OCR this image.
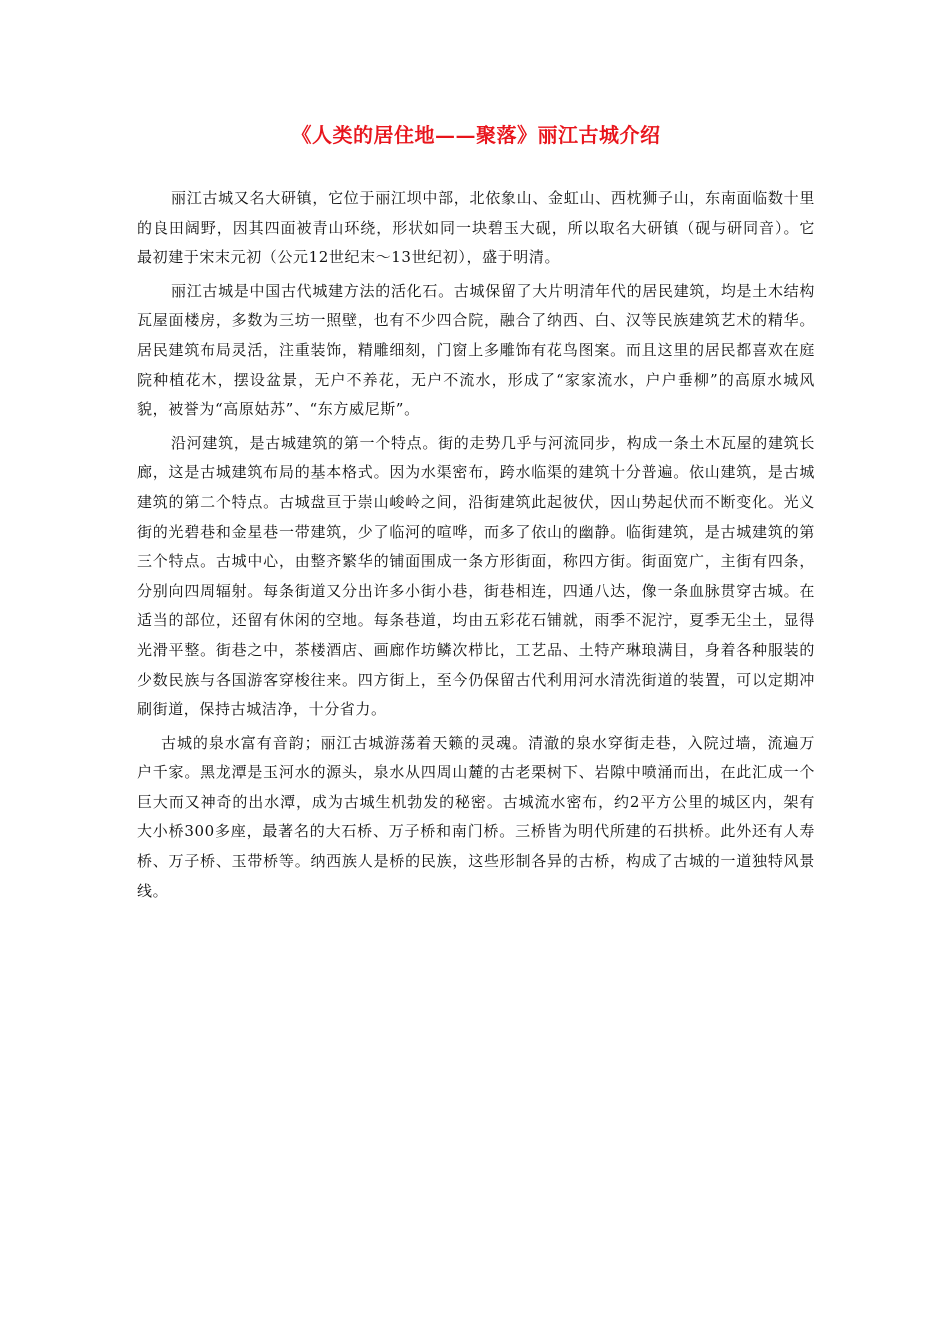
《人类的居住地——聚落》丽江古城介绍

丽江古城又名大研镇，它位于丽江坝中部，北依象山、金虹山、西枕狮子山，东南面临数十里的良田阔野，因其四面被青山环绕，形状如同一块碧玉大砚，所以取名大研镇（砚与研同音）。它最初建于宋末元初（公元12世纪末～13世纪初），盛于明清。

丽江古城是中国古代城建方法的活化石。古城保留了大片明清年代的居民建筑，均是土木结构瓦屋面楼房，多数为三坊一照壁，也有不少四合院，融合了纳西、白、汉等民族建筑艺术的精华。居民建筑布局灵活，注重装饰，精雕细刻，门窗上多雕饰有花鸟图案。而且这里的居民都喜欢在庭院种植花木，摆设盆景，无户不养花，无户不流水，形成了“家家流水，户户垂柳”的高原水城风貌，被誉为“高原姑苏”、“东方威尼斯”。

沿河建筑，是古城建筑的第一个特点。街的走势几乎与河流同步，构成一条土木瓦屋的建筑长廊，这是古城建筑布局的基本格式。因为水渠密布，跨水临渠的建筑十分普遍。依山建筑，是古城建筑的第二个特点。古城盘亘于崇山峻岭之间，沿街建筑此起彼伏，因山势起伏而不断变化。光义街的光碧巷和金星巷一带建筑，少了临河的喧哗，而多了依山的幽静。临街建筑，是古城建筑的第三个特点。古城中心，由整齐繁华的铺面围成一条方形街面，称四方街。街面宽广，主街有四条，分别向四周辐射。每条街道又分出许多小街小巷，街巷相连，四通八达，像一条血脉贯穿古城。在适当的部位，还留有休闲的空地。每条巷道，均由五彩花石铺就，雨季不泥泞，夏季无尘土，显得光滑平整。街巷之中，茶楼酒店、画廊作坊鳞次栉比，工艺品、土特产琳琅满目，身着各种服装的少数民族与各国游客穿梭往来。四方街上，至今仍保留古代利用河水清洗街道的装置，可以定期冲刷街道，保持古城洁净，十分省力。

古城的泉水富有音韵；丽江古城游荡着天籁的灵魂。清澈的泉水穿街走巷，入院过墙，流遍万户千家。黑龙潭是玉河水的源头，泉水从四周山麓的古老栗树下、岩隙中喷涌而出，在此汇成一个巨大而又神奇的出水潭，成为古城生机勃发的秘密。古城流水密布，约2平方公里的城区内，架有大小桥300多座，最著名的大石桥、万子桥和南门桥。三桥皆为明代所建的石拱桥。此外还有人寿桥、万子桥、玉带桥等。纳西族人是桥的民族，这些形制各异的古桥，构成了古城的一道独特风景线。
